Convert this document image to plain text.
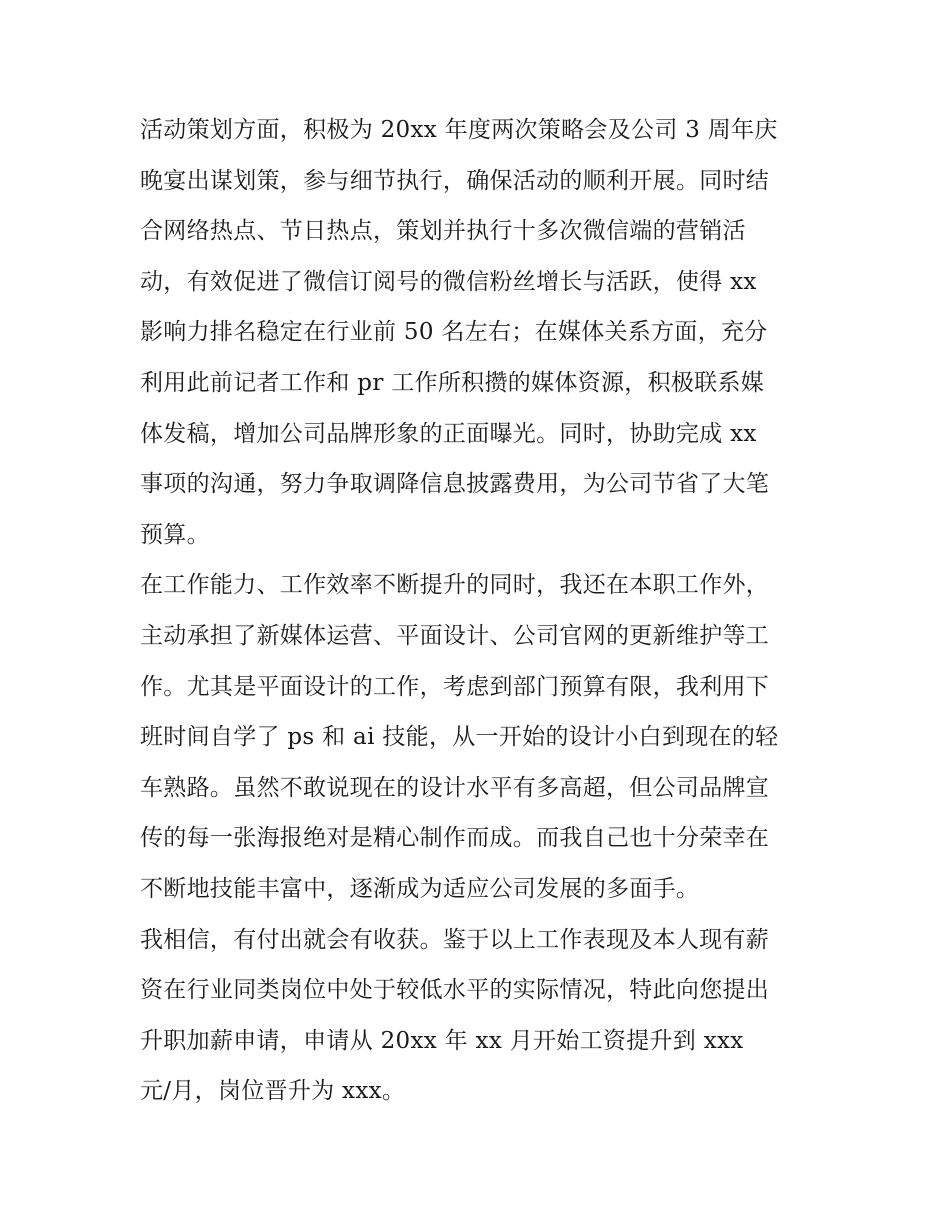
活动策划方面，积极为 20xx 年度两次策略会及公司 3 周年庆
晚宴出谋划策，参与细节执行，确保活动的顺利开展。同时结
合网络热点、节日热点，策划并执行十多次微信端的营销活
动，有效促进了微信订阅号的微信粉丝增长与活跃，使得 xx
影响力排名稳定在行业前 50 名左右；在媒体关系方面，充分
利用此前记者工作和 pr 工作所积攒的媒体资源，积极联系媒
体发稿，增加公司品牌形象的正面曝光。同时，协助完成 xx
事项的沟通，努力争取调降信息披露费用，为公司节省了大笔
预算。
在工作能力、工作效率不断提升的同时，我还在本职工作外，
主动承担了新媒体运营、平面设计、公司官网的更新维护等工
作。尤其是平面设计的工作，考虑到部门预算有限，我利用下
班时间自学了 ps 和 ai 技能，从一开始的设计小白到现在的轻
车熟路。虽然不敢说现在的设计水平有多高超，但公司品牌宣
传的每一张海报绝对是精心制作而成。而我自己也十分荣幸在
不断地技能丰富中，逐渐成为适应公司发展的多面手。
我相信，有付出就会有收获。鉴于以上工作表现及本人现有薪
资在行业同类岗位中处于较低水平的实际情况，特此向您提出
升职加薪申请，申请从 20xx 年 xx 月开始工资提升到 xxx
元/月，岗位晋升为 xxx。
